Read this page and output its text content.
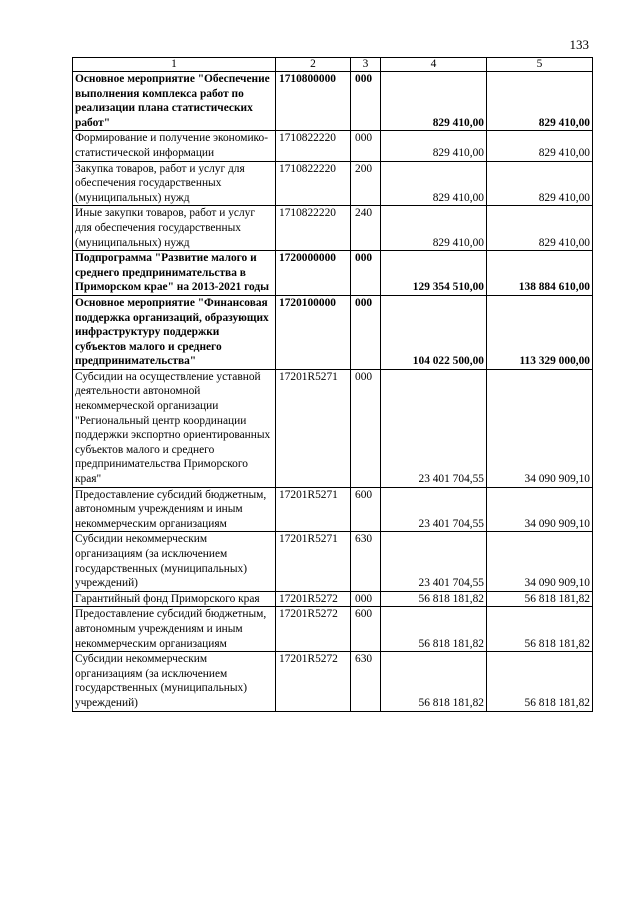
133
1	2	3	4	5
Основное мероприятие "Обеспечение выполнения комплекса работ по реализации плана статистических работ"	1710800000	000	829 410,00	829 410,00
Формирование и получение экономико-статистической информации	1710822220	000	829 410,00	829 410,00
Закупка товаров, работ и услуг для обеспечения государственных (муниципальных) нужд	1710822220	200	829 410,00	829 410,00
Иные закупки товаров, работ и услуг для обеспечения государственных (муниципальных) нужд	1710822220	240	829 410,00	829 410,00
Подпрограмма "Развитие малого и среднего предпринимательства в Приморском крае" на 2013-2021 годы	1720000000	000	129 354 510,00	138 884 610,00
Основное мероприятие "Финансовая поддержка организаций, образующих инфраструктуру поддержки субъектов малого и среднего предпринимательства"	1720100000	000	104 022 500,00	113 329 000,00
Субсидии на осуществление уставной деятельности автономной некоммерческой организации "Региональный центр координации поддержки экспортно ориентированных субъектов малого и среднего предпринимательства Приморского края"	17201R5271	000	23 401 704,55	34 090 909,10
Предоставление субсидий бюджетным, автономным учреждениям и иным некоммерческим организациям	17201R5271	600	23 401 704,55	34 090 909,10
Субсидии некоммерческим организациям (за исключением государственных (муниципальных) учреждений)	17201R5271	630	23 401 704,55	34 090 909,10
Гарантийный фонд Приморского края	17201R5272	000	56 818 181,82	56 818 181,82
Предоставление субсидий бюджетным, автономным учреждениям и иным некоммерческим организациям	17201R5272	600	56 818 181,82	56 818 181,82
Субсидии некоммерческим организациям (за исключением государственных (муниципальных) учреждений)	17201R5272	630	56 818 181,82	56 818 181,82
